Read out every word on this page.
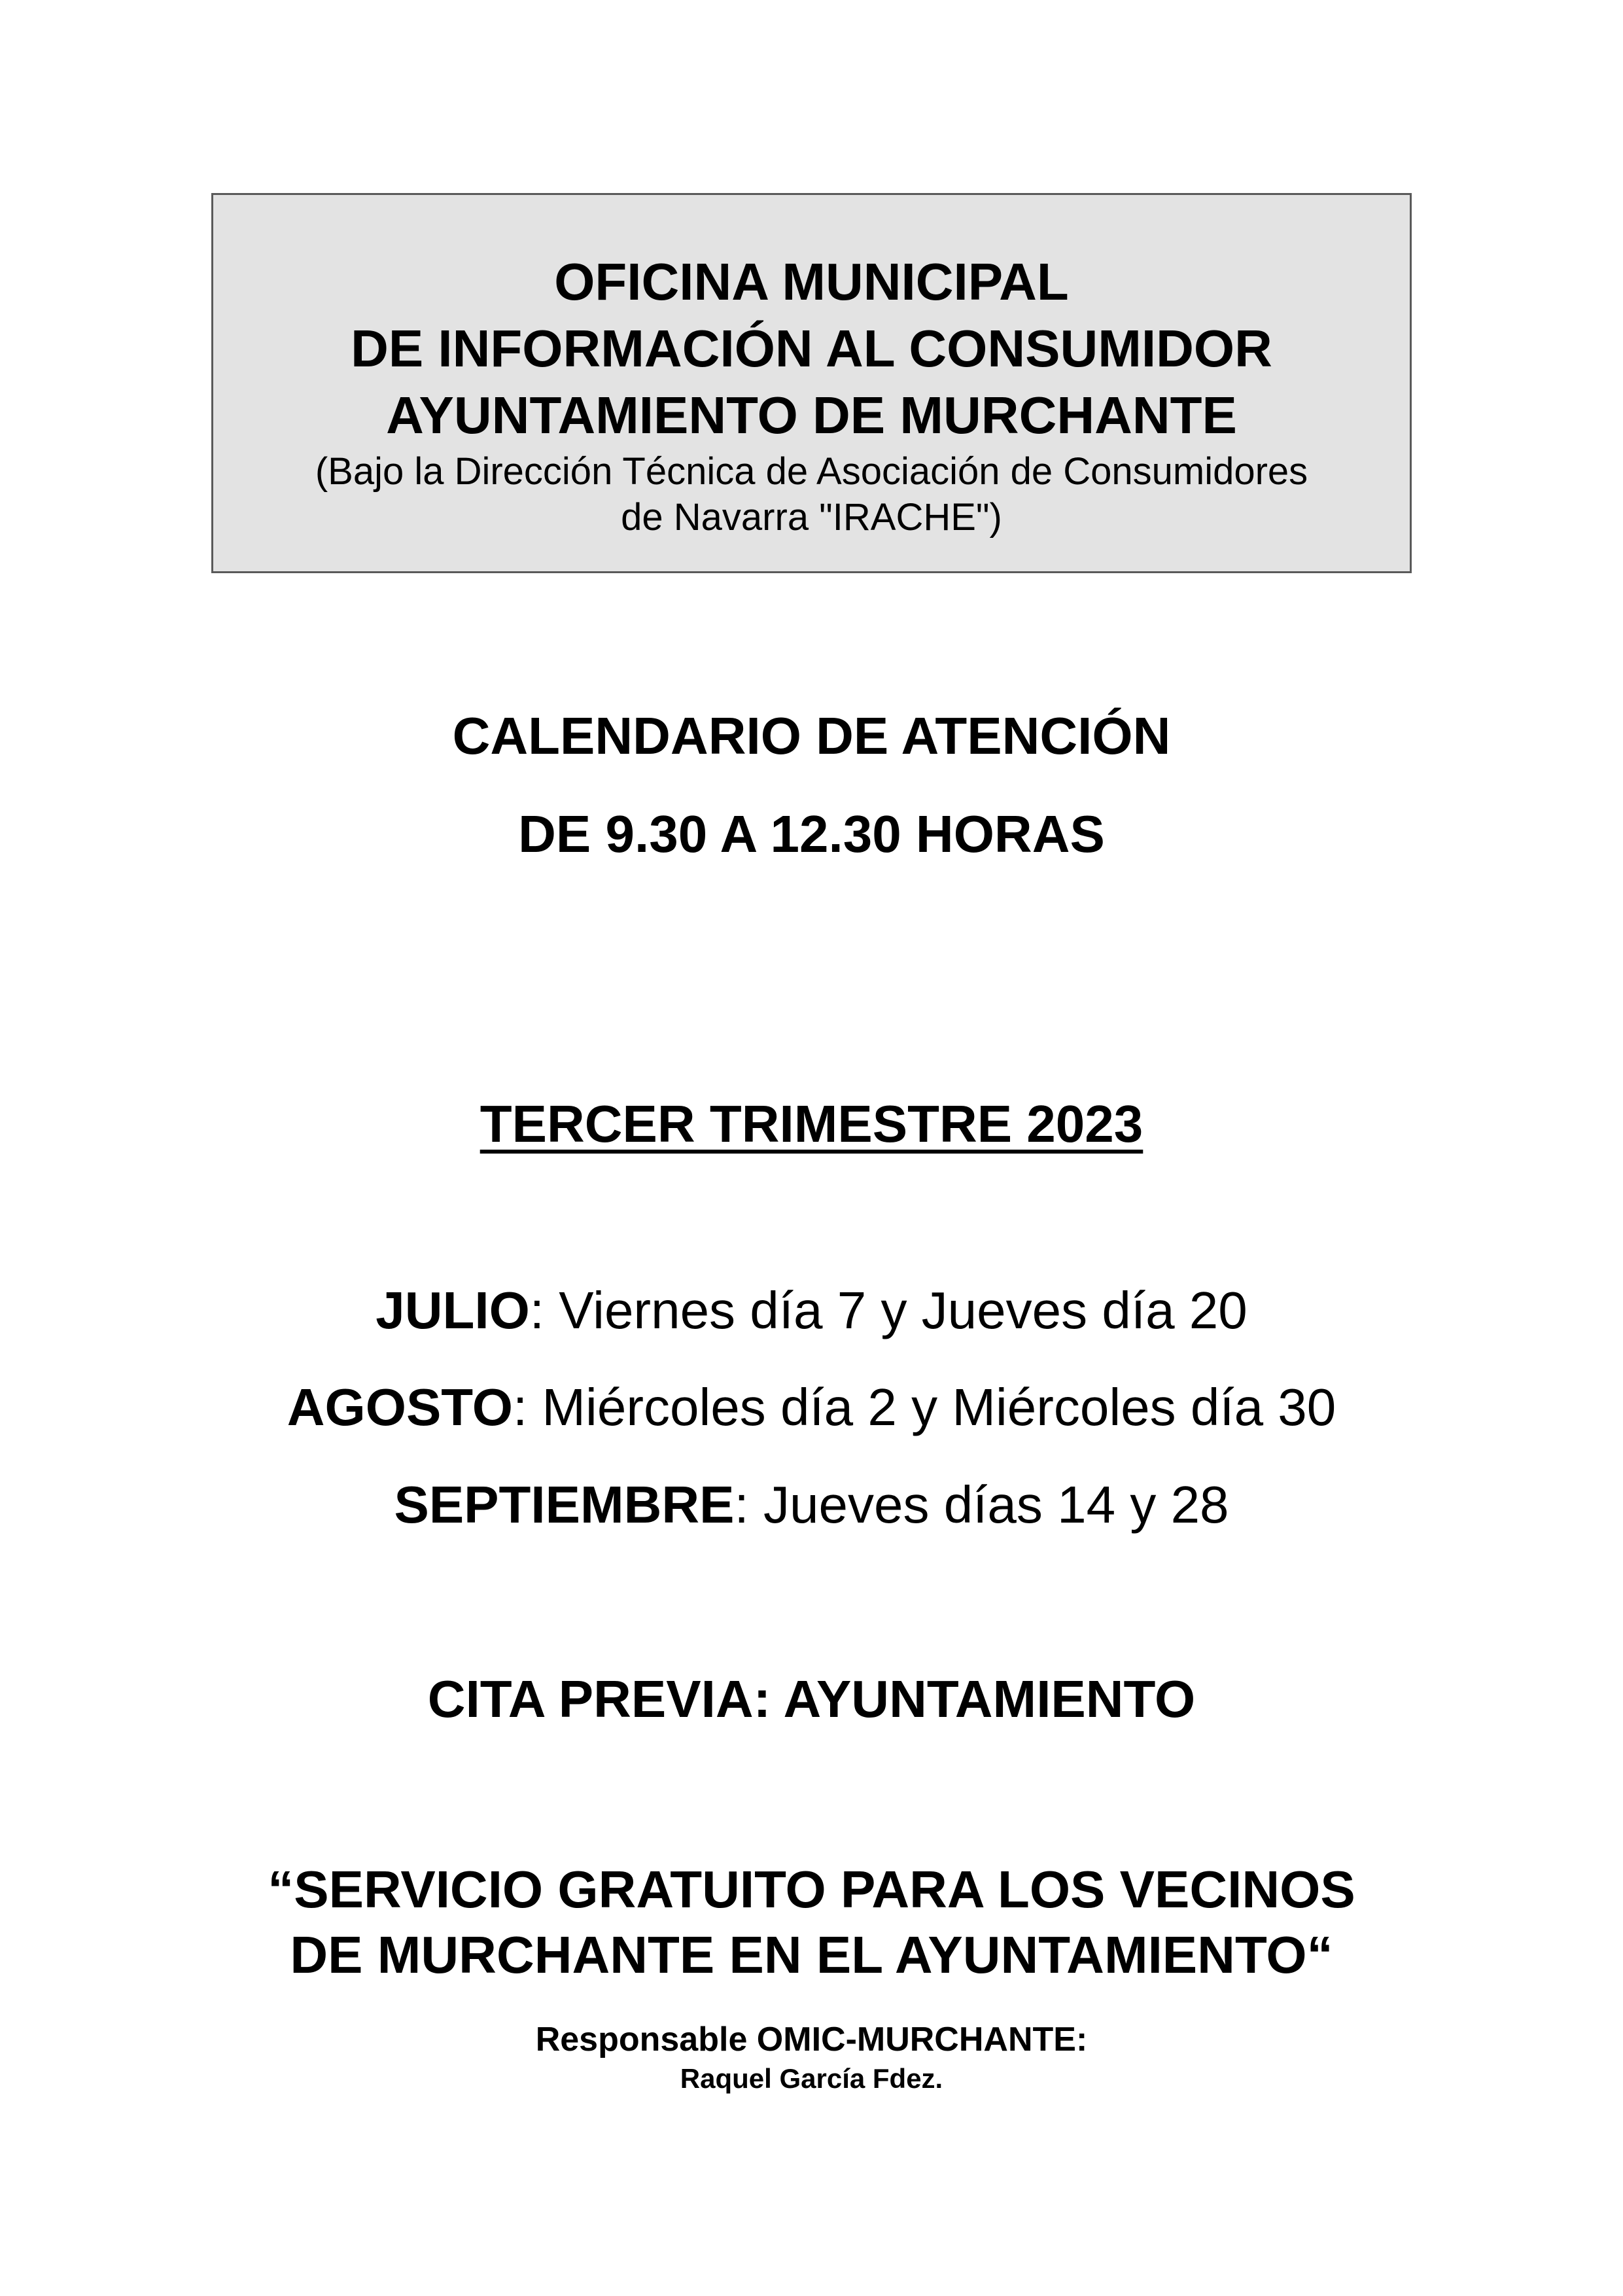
OFICINA MUNICIPAL

DE INFORMACIÓN AL CONSUMIDOR

AYUNTAMIENTO DE MURCHANTE

(Bajo la Dirección Técnica de Asociación de Consumidores de Navarra "IRACHE")

CALENDARIO DE ATENCIÓN

DE 9.30 A 12.30 HORAS

TERCER TRIMESTRE 2023

JULIO: Viernes día 7 y Jueves día 20

AGOSTO: Miércoles día 2 y Miércoles día 30

SEPTIEMBRE: Jueves días 14 y 28

CITA PREVIA: AYUNTAMIENTO

“SERVICIO GRATUITO PARA LOS VECINOS

DE MURCHANTE EN EL AYUNTAMIENTO“

Responsable OMIC-MURCHANTE:

Raquel García Fdez.
